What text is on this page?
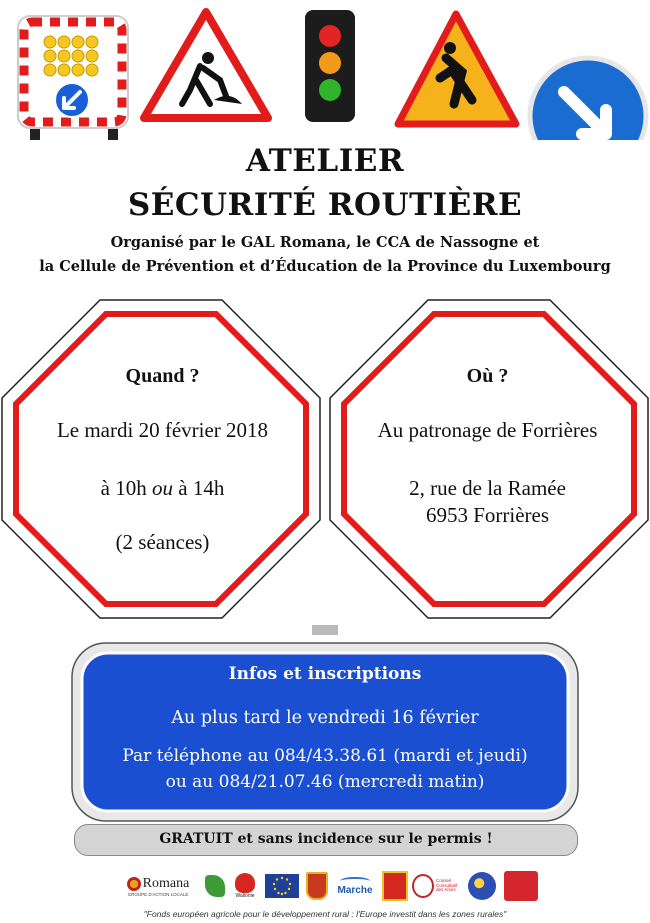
ATELIER
SÉCURITÉ ROUTIÈRE
Organisé par le GAL Romana, le CCA de Nassogne et
la Cellule de Prévention et d’Éducation de la Province du Luxembourg
Quand ?
Le mardi 20 février 2018
à 10h ou à 14h
(2 séances)
Où ?
Au patronage de Forrières
2, rue de la Ramée
6953 Forrières
Infos et inscriptions
Au plus tard le vendredi 16 février
Par téléphone au 084/43.38.61 (mardi et jeudi)
ou au 084/21.07.46 (mercredi matin)
GRATUIT et sans incidence sur le permis !
Romana
GROUPE D'ACTION LOCALE	Wallonie
Marche
Conseil Consultatif des Aînés
"Fonds européen agricole pour le développement rural : l'Europe investit dans les zones rurales"
